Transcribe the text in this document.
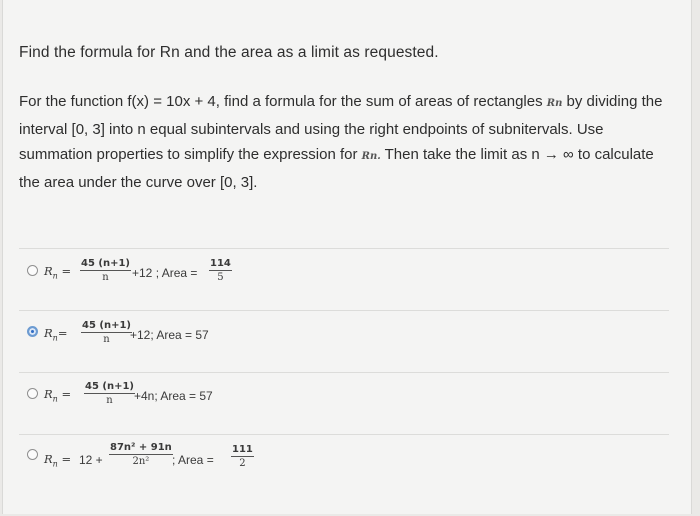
Find the formula for Rn and the area as a limit as requested.
For the function f(x) = 10x + 4, find a formula for the sum of areas of rectangles Rn by dividing the
interval [0, 3] into n equal subintervals and using the right endpoints of subnitervals. Use
summation properties to simplify the expression for Rn. Then take the limit as n → ∞ to calculate
the area under the curve over [0, 3].
$R_n = \frac{45 (n+1)}{n} +12$ ; Area = $\frac{114}{5}$
$R_n= \frac{45 (n+1)}{n}$
+12; Area = 57
$R_n = \frac{45 (n+1)}{n} +4n$; Area = 57
$R_n = 12 + \frac{\text{87n² + 91n}}{\text{2n²}}$ ; Area = $\frac{111}{2}$
